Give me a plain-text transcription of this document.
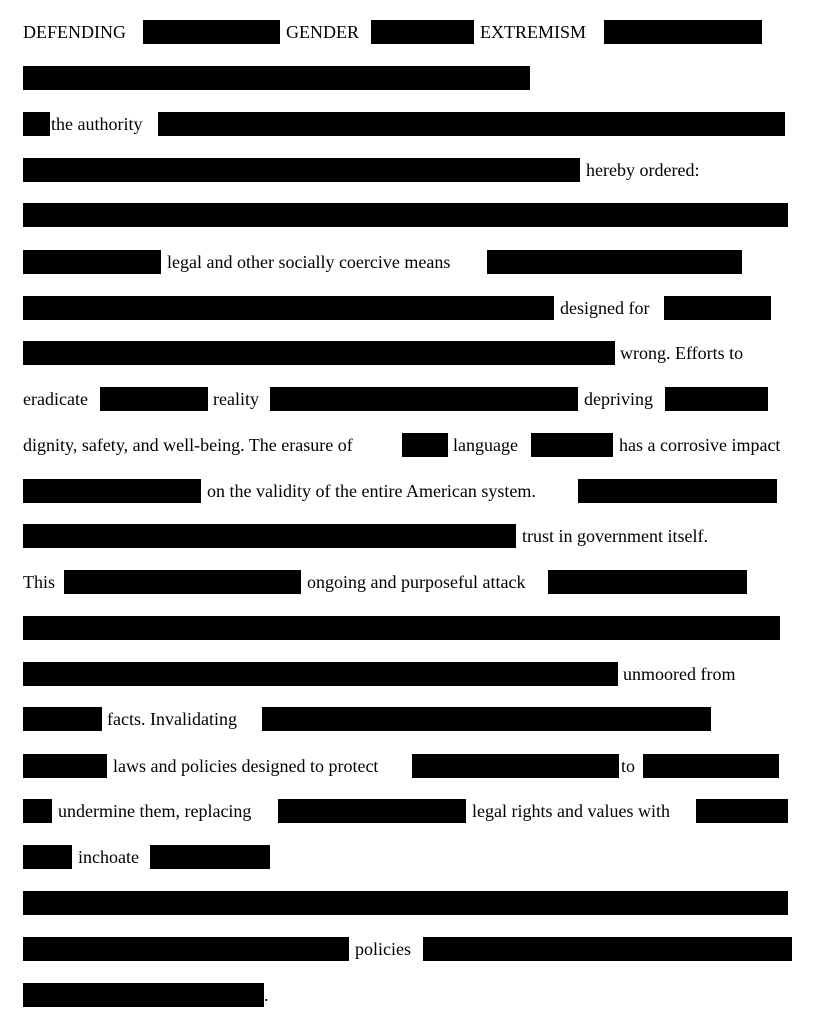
DEFENDING	GENDER	EXTREMISM
the authority
hereby ordered:
legal and other socially coercive means
designed for
wrong. Efforts to
eradicate	reality	depriving
dignity, safety, and well-being. The erasure of	language	has a corrosive impact
on the validity of the entire American system.
trust in government itself.
This	ongoing and purposeful attack
unmoored from
facts. Invalidating
laws and policies designed to protect	to
undermine them, replacing	legal rights and values with
inchoate
policies
.
